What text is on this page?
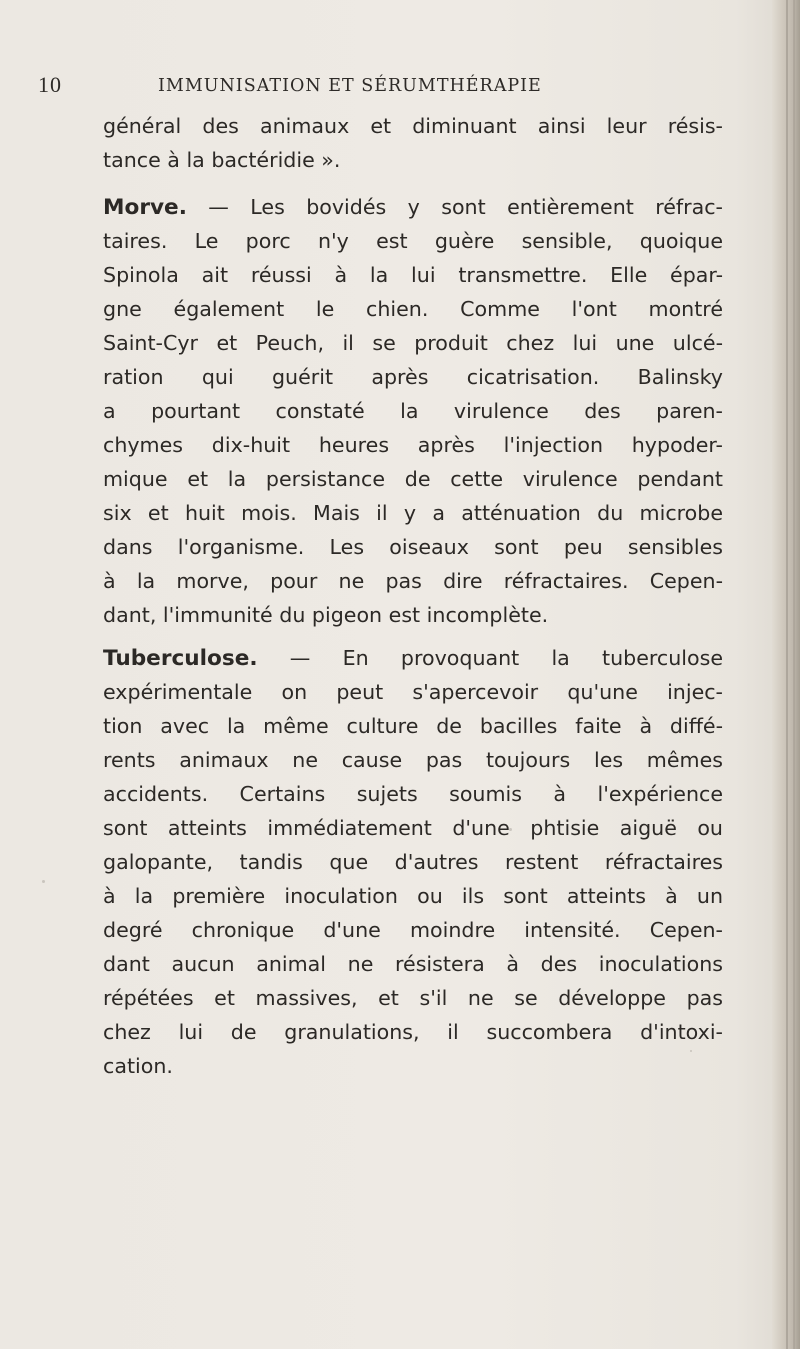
10	IMMUNISATION ET SÉRUMTHÉRAPIE
général des animaux et diminuant ainsi leur résis-
tance à la bactéridie ».
Morve. — Les bovidés y sont entièrement réfrac-
taires. Le porc n'y est guère sensible, quoique
Spinola ait réussi à la lui transmettre. Elle épar-
gne également le chien. Comme l'ont montré
Saint-Cyr et Peuch, il se produit chez lui une ulcé-
ration qui guérit après cicatrisation. Balinsky
a pourtant constaté la virulence des paren-
chymes dix-huit heures après l'injection hypoder-
mique et la persistance de cette virulence pendant
six et huit mois. Mais il y a atténuation du microbe
dans l'organisme. Les oiseaux sont peu sensibles
à la morve, pour ne pas dire réfractaires. Cepen-
dant, l'immunité du pigeon est incomplète.
Tuberculose. — En provoquant la tuberculose
expérimentale on peut s'apercevoir qu'une injec-
tion avec la même culture de bacilles faite à diffé-
rents animaux ne cause pas toujours les mêmes
accidents. Certains sujets soumis à l'expérience
sont atteints immédiatement d'une phtisie aiguë ou
galopante, tandis que d'autres restent réfractaires
à la première inoculation ou ils sont atteints à un
degré chronique d'une moindre intensité. Cepen-
dant aucun animal ne résistera à des inoculations
répétées et massives, et s'il ne se développe pas
chez lui de granulations, il succombera d'intoxi-
cation.
